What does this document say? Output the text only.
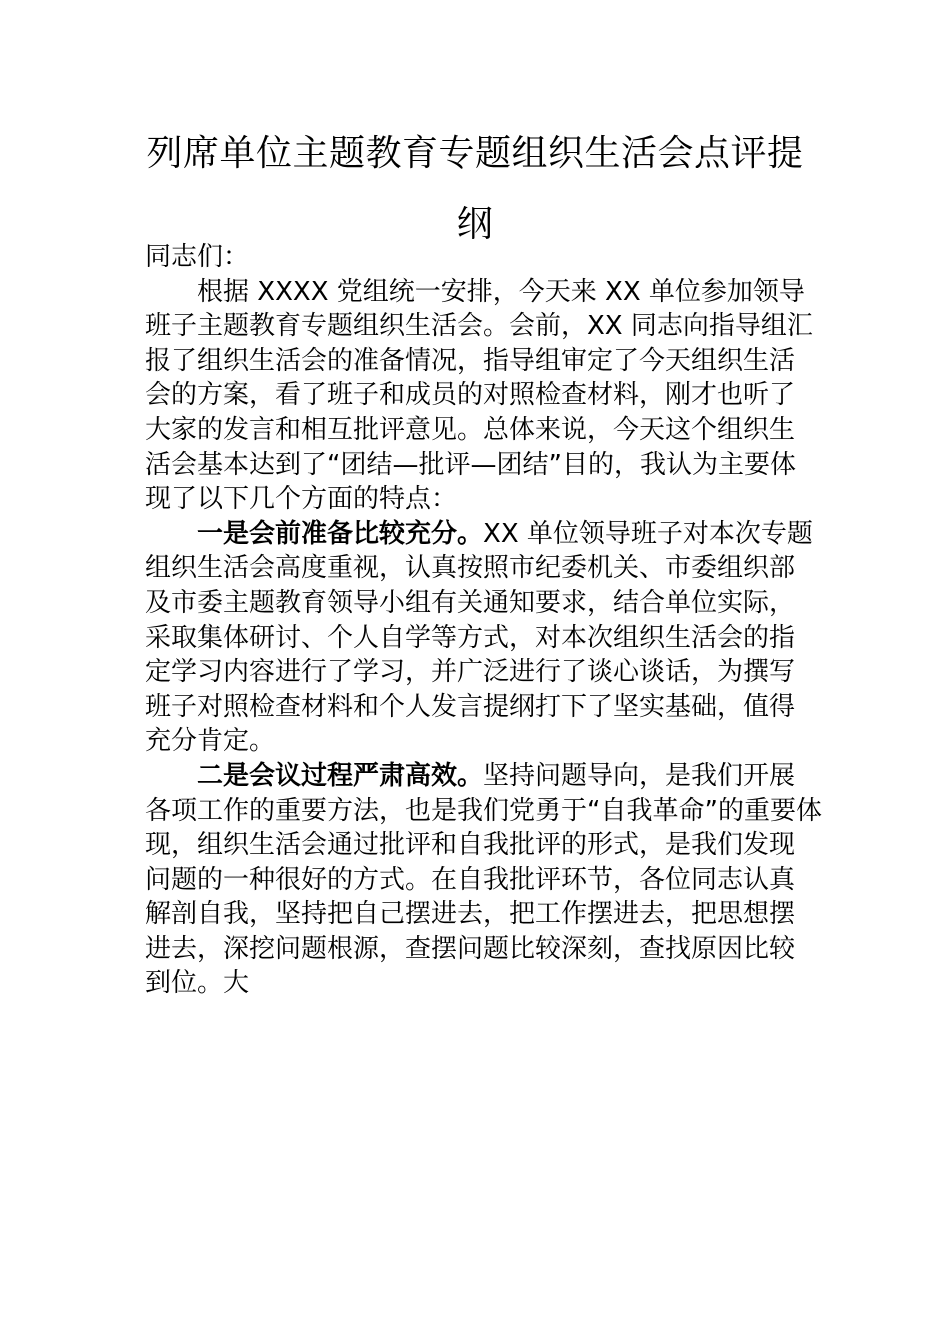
列席单位主题教育专题组织生活会点评提
纲
同志们：
根据 XXXX 党组统一安排，今天来 XX 单位参加领导
班子主题教育专题组织生活会。会前，XX 同志向指导组汇
报了组织生活会的准备情况，指导组审定了今天组织生活
会的方案，看了班子和成员的对照检查材料，刚才也听了
大家的发言和相互批评意见。总体来说，今天这个组织生
活会基本达到了“团结—批评—团结”目的，我认为主要体
现了以下几个方面的特点：
一是会前准备比较充分。XX 单位领导班子对本次专题
组织生活会高度重视，认真按照市纪委机关、市委组织部
及市委主题教育领导小组有关通知要求，结合单位实际，
采取集体研讨、个人自学等方式，对本次组织生活会的指
定学习内容进行了学习，并广泛进行了谈心谈话，为撰写
班子对照检查材料和个人发言提纲打下了坚实基础，值得
充分肯定。
二是会议过程严肃高效。坚持问题导向，是我们开展
各项工作的重要方法，也是我们党勇于“自我革命”的重要体
现，组织生活会通过批评和自我批评的形式，是我们发现
问题的一种很好的方式。在自我批评环节，各位同志认真
解剖自我，坚持把自己摆进去，把工作摆进去，把思想摆
进去，深挖问题根源，查摆问题比较深刻，查找原因比较
到位。大
